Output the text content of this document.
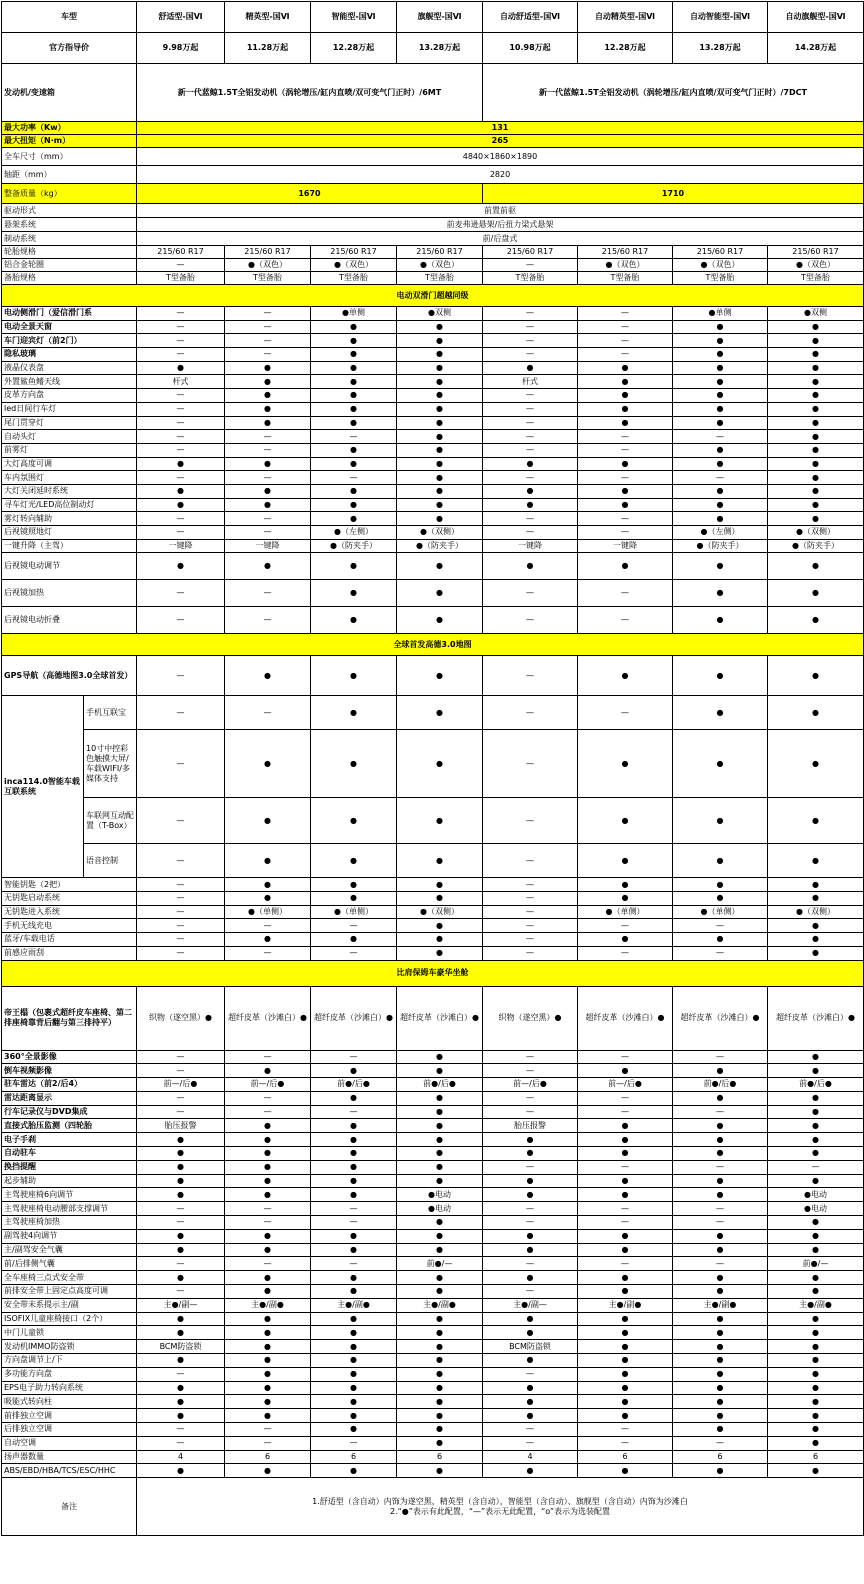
车型		舒适型-国Ⅵ	精英型-国Ⅵ	智能型-国Ⅵ	旗舰型-国Ⅵ	自动舒适型-国Ⅵ	自动精英型-国Ⅵ	自动智能型-国Ⅵ	自动旗舰型-国Ⅵ
官方指导价		9.98万起	11.28万起	12.28万起	13.28万起	10.98万起	12.28万起	13.28万起	14.28万起
发动机/变速箱		新一代蓝鲸1.5T全铝发动机（涡轮增压/缸内直喷/双可变气门正时）/6MT				新一代蓝鲸1.5T全铝发动机（涡轮增压/缸内直喷/双可变气门正时）/7DCT			
最大功率（Kw）		131							
最大扭矩（N·m）		265							
全车尺寸（mm）		4840×1860×1890							
轴距（mm）		2820							
整备质量（kg）		1670				1710			
驱动形式		前置前驱							
悬架系统		前麦弗逊悬架/后扭力梁式悬架							
制动系统		前/后盘式							
轮胎规格		215/60 R17	215/60 R17	215/60 R17	215/60 R17	215/60 R17	215/60 R17	215/60 R17	215/60 R17
铝合金轮圈		—	●（双色）	●（双色）	●（双色）	—	●（双色）	●（双色）	●（双色）
备胎规格		T型备胎	T型备胎	T型备胎	T型备胎	T型备胎	T型备胎	T型备胎	T型备胎
电动双滑门超越同级									
电动侧滑门（爱信滑门系		—	—	●单侧	●双侧	—	—	●单侧	●双侧
电动全景天窗		—	—	●	●	—	—	●	●
车门迎宾灯（前2门）		—	—	●	●	—	—	●	●
隐私玻璃		—	—	●	●	—	—	●	●
液晶仪表盘		●	●	●	●	●	●	●	●
外置鲨鱼鳍天线		杆式	●	●	●	杆式	●	●	●
皮革方向盘		—	●	●	●	—	●	●	●
led日间行车灯		—	●	●	●	—	●	●	●
尾门贯穿灯		—	●	●	●	—	●	●	●
自动头灯		—	—	—	●	—	—	—	●
前雾灯		—	—	●	●	—	—	●	●
大灯高度可调		●	●	●	●	●	●	●	●
车内氛围灯		—	—	—	●	—	—	—	●
大灯关闭延时系统		●	●	●	●	●	●	●	●
寻车灯光/LED高位制动灯		●	●	●	●	●	●	●	●
雾灯转向辅助		—	—	●	●	—	—	●	●
后视镜照地灯		—	—	●（左侧）	●（双侧）	—	—	●（左侧）	●（双侧）
一键升降（主驾）		一键降	一键降	●（防夹手）	●（防夹手）	一键降	一键降	●（防夹手）	●（防夹手）
后视镜电动调节		●	●	●	●	●	●	●	●
后视镜加热		—	—	●	●	—	—	●	●
后视镜电动折叠		—	—	●	●	—	—	●	●
全球首发高德3.0地图									
GPS导航（高德地图3.0全球首发）		—	●	●	●	—	●	●	●
inca114.0智能车载互联系统	手机互联宝	—	—	●	●	—	—	●	●
	10寸中控彩色触摸大屏/车载WIFI/多媒体支持	—	●	●	●	—	●	●	●
	车联网互动配置（T-Box）	—	●	●	●	—	●	●	●
	语音控制	—	●	●	●	—	●	●	●
智能钥匙（2把）		—	●	●	●	—	●	●	●
无钥匙启动系统		—	●	●	●	—	●	●	●
无钥匙进入系统		—	●（单侧）	●（单侧）	●（双侧）	—	●（单侧）	●（单侧）	●（双侧）
手机无线充电		—	—	—	●	—	—	—	●
蓝牙/车载电话		—	●	●	●	—	●	●	●
前感应雨刮		—	—	—	●	—	—	—	●
比肩保姆车豪华坐舱									
帝王榻（包裹式超纤皮车座椅、第二排座椅靠背后翻与第三排持平）		织物（遂空黑）●	超纤皮革（沙滩白）●	超纤皮革（沙滩白）●	超纤皮革（沙滩白）●	织物（遂空黑）●	超纤皮革（沙滩白）●	超纤皮革（沙滩白）●	超纤皮革（沙滩白）●
360°全景影像		—	—	—	●	—	—	—	●
倒车视频影像		—	●	●	●	—	●	●	●
驻车雷达（前2/后4）		前—/后●	前—/后●	前●/后●	前●/后●	前—/后●	前—/后●	前●/后●	前●/后●
雷达距离显示		—	—	●	●	—	—	●	●
行车记录仪与DVD集成		—	—	—	●	—	—	—	●
直接式胎压监测（四轮胎		胎压报警	●	●	●	胎压报警	●	●	●
电子手刹		●	●	●	●	●	●	●	●
自动驻车		●	●	●	●	●	●	●	●
换挡提醒		●	●	●	●	—	—	—	—
起步辅助		●	●	●	●	●	●	●	●
主驾驶座椅6向调节		●	●	●	●电动	●	●	●	●电动
主驾驶座椅电动腰部支撑调节		—	—	—	●电动	—	—	—	●电动
主驾驶座椅加热		—	—	—	●	—	—	—	●
副驾驶4向调节		●	●	●	●	●	●	●	●
主/副驾安全气囊		●	●	●	●	●	●	●	●
前/后排侧气囊		—	—	—	前●/—	—	—	—	前●/—
全车座椅三点式安全带		●	●	●	●	●	●	●	●
前排安全带上固定点高度可调		—	●	●	●	—	●	●	●
安全带未系提示主/副		主●/副—	主●/副●	主●/副●	主●/副●	主●/副—	主●/副●	主●/副●	主●/副●
ISOFIX儿童座椅接口（2个）		●	●	●	●	●	●	●	●
中门儿童锁		●	●	●	●	●	●	●	●
发动机IMMO防盗锁		BCM防盗锁	●	●	●	BCM防盗锁	●	●	●
方向盘调节上/下		●	●	●	●	●	●	●	●
多功能方向盘		—	●	●	●	—	●	●	●
EPS电子助力转向系统		●	●	●	●	●	●	●	●
吸能式转向柱		●	●	●	●	●	●	●	●
前排独立空调		●	●	●	●	●	●	●	●
后排独立空调		—	—	●	●	—	—	●	●
自动空调		—	—	—	●	—	—	—	●
扬声器数量		4	6	6	6	4	6	6	6
ABS/EBD/HBA/TCS/ESC/HHC		●	●	●	●	●	●	●	●
备注		1.舒适型（含自动）内饰为遂空黑，精英型（含自动），智能型（含自动）、旗舰型（含自动）内饰为沙滩白
2.“●”表示有此配置，“—”表示无此配置，“o”表示为选装配置							
